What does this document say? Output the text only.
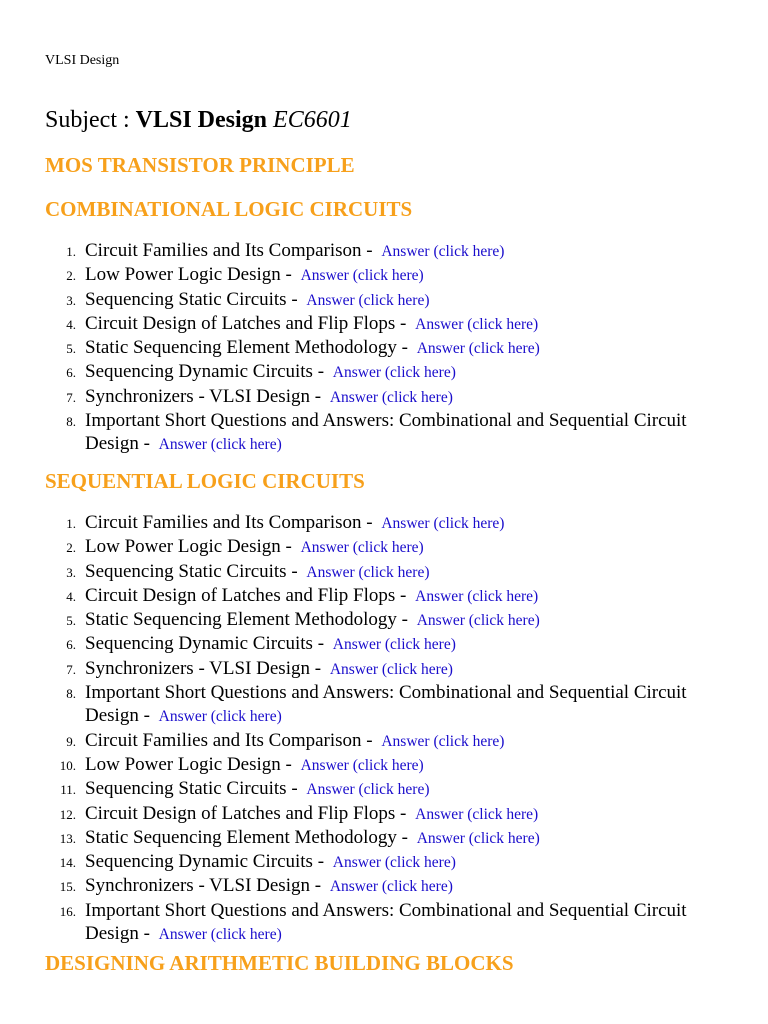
VLSI Design
Subject : VLSI Design EC6601
MOS TRANSISTOR PRINCIPLE
COMBINATIONAL LOGIC CIRCUITS
1. Circuit Families and Its Comparison - Answer (click here)
2. Low Power Logic Design - Answer (click here)
3. Sequencing Static Circuits - Answer (click here)
4. Circuit Design of Latches and Flip Flops - Answer (click here)
5. Static Sequencing Element Methodology - Answer (click here)
6. Sequencing Dynamic Circuits - Answer (click here)
7. Synchronizers - VLSI Design - Answer (click here)
8. Important Short Questions and Answers: Combinational and Sequential Circuit Design - Answer (click here)
SEQUENTIAL LOGIC CIRCUITS
1. Circuit Families and Its Comparison - Answer (click here)
2. Low Power Logic Design - Answer (click here)
3. Sequencing Static Circuits - Answer (click here)
4. Circuit Design of Latches and Flip Flops - Answer (click here)
5. Static Sequencing Element Methodology - Answer (click here)
6. Sequencing Dynamic Circuits - Answer (click here)
7. Synchronizers - VLSI Design - Answer (click here)
8. Important Short Questions and Answers: Combinational and Sequential Circuit Design - Answer (click here)
9. Circuit Families and Its Comparison - Answer (click here)
10. Low Power Logic Design - Answer (click here)
11. Sequencing Static Circuits - Answer (click here)
12. Circuit Design of Latches and Flip Flops - Answer (click here)
13. Static Sequencing Element Methodology - Answer (click here)
14. Sequencing Dynamic Circuits - Answer (click here)
15. Synchronizers - VLSI Design - Answer (click here)
16. Important Short Questions and Answers: Combinational and Sequential Circuit Design - Answer (click here)
DESIGNING ARITHMETIC BUILDING BLOCKS
